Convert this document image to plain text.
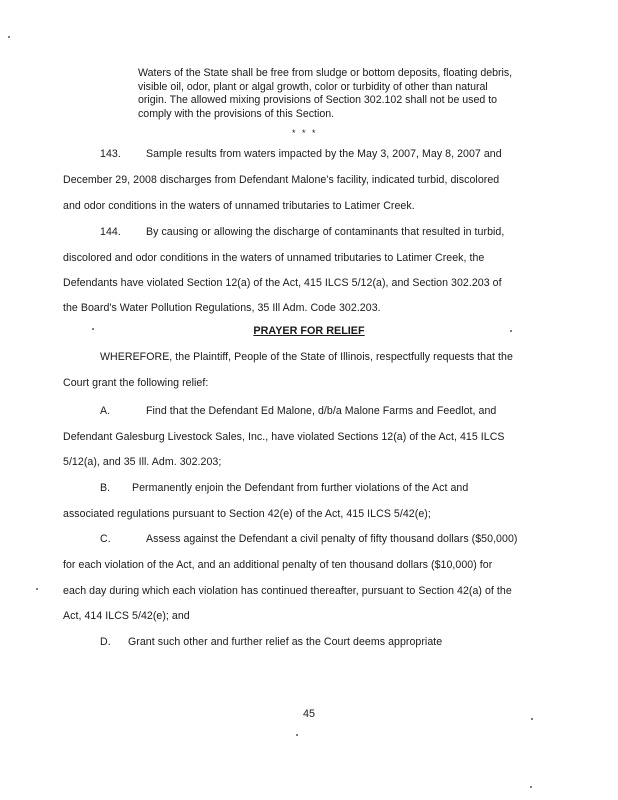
Waters of the State shall be free from sludge or bottom deposits, floating debris,
visible oil, odor, plant or algal growth, color or turbidity of other than natural
origin. The allowed mixing provisions of Section 302.102 shall not be used to
comply with the provisions of this Section.
* * *
143. Sample results from waters impacted by the May 3, 2007, May 8, 2007 and
December 29, 2008 discharges from Defendant Malone's facility, indicated turbid, discolored
and odor conditions in the waters of unnamed tributaries to Latimer Creek.
144. By causing or allowing the discharge of contaminants that resulted in turbid,
discolored and odor conditions in the waters of unnamed tributaries to Latimer Creek, the
Defendants have violated Section 12(a) of the Act, 415 ILCS 5/12(a), and Section 302.203 of
the Board's Water Pollution Regulations, 35 Ill Adm. Code 302.203.
PRAYER FOR RELIEF
WHEREFORE, the Plaintiff, People of the State of Illinois, respectfully requests that the
Court grant the following relief:
A.	Find that the Defendant Ed Malone, d/b/a Malone Farms and Feedlot, and
Defendant Galesburg Livestock Sales, Inc., have violated Sections 12(a) of the Act, 415 ILCS
5/12(a), and 35 Ill. Adm. 302.203;
B. Permanently enjoin the Defendant from further violations of the Act and
associated regulations pursuant to Section 42(e) of the Act, 415 ILCS 5/42(e);
C.	Assess against the Defendant a civil penalty of fifty thousand dollars ($50,000)
for each violation of the Act, and an additional penalty of ten thousand dollars ($10,000) for
each day during which each violation has continued thereafter, pursuant to Section 42(a) of the
Act, 414 ILCS 5/42(e); and
D. Grant such other and further relief as the Court deems appropriate
45
